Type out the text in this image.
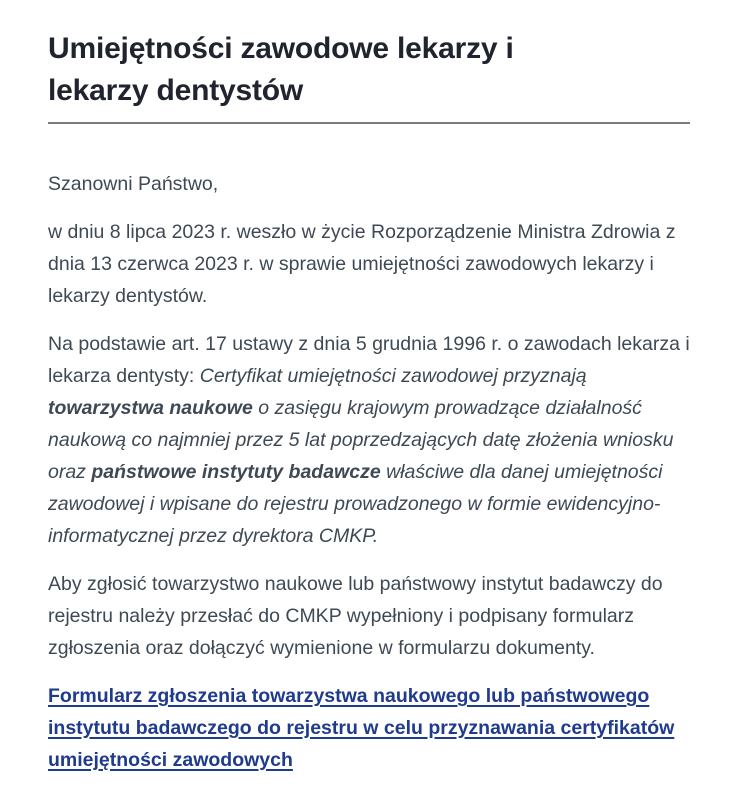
Umiejętności zawodowe lekarzy i
lekarzy dentystów

Szanowni Państwo,

w dniu 8 lipca 2023 r. weszło w życie Rozporządzenie Ministra Zdrowia z dnia 13 czerwca 2023 r. w sprawie umiejętności zawodowych lekarzy i lekarzy dentystów.

Na podstawie art. 17 ustawy z dnia 5 grudnia 1996 r. o zawodach lekarza i lekarza dentysty: Certyfikat umiejętności zawodowej przyznają towarzystwa naukowe o zasięgu krajowym prowadzące działalność naukową co najmniej przez 5 lat poprzedzających datę złożenia wniosku oraz państwowe instytuty badawcze właściwe dla danej umiejętności zawodowej i wpisane do rejestru prowadzonego w formie ewidencyjno-informatycznej przez dyrektora CMKP.

Aby zgłosić towarzystwo naukowe lub państwowy instytut badawczy do rejestru należy przesłać do CMKP wypełniony i podpisany formularz zgłoszenia oraz dołączyć wymienione w formularzu dokumenty.

Formularz zgłoszenia towarzystwa naukowego lub państwowego instytutu badawczego do rejestru w celu przyznawania certyfikatów umiejętności zawodowych
